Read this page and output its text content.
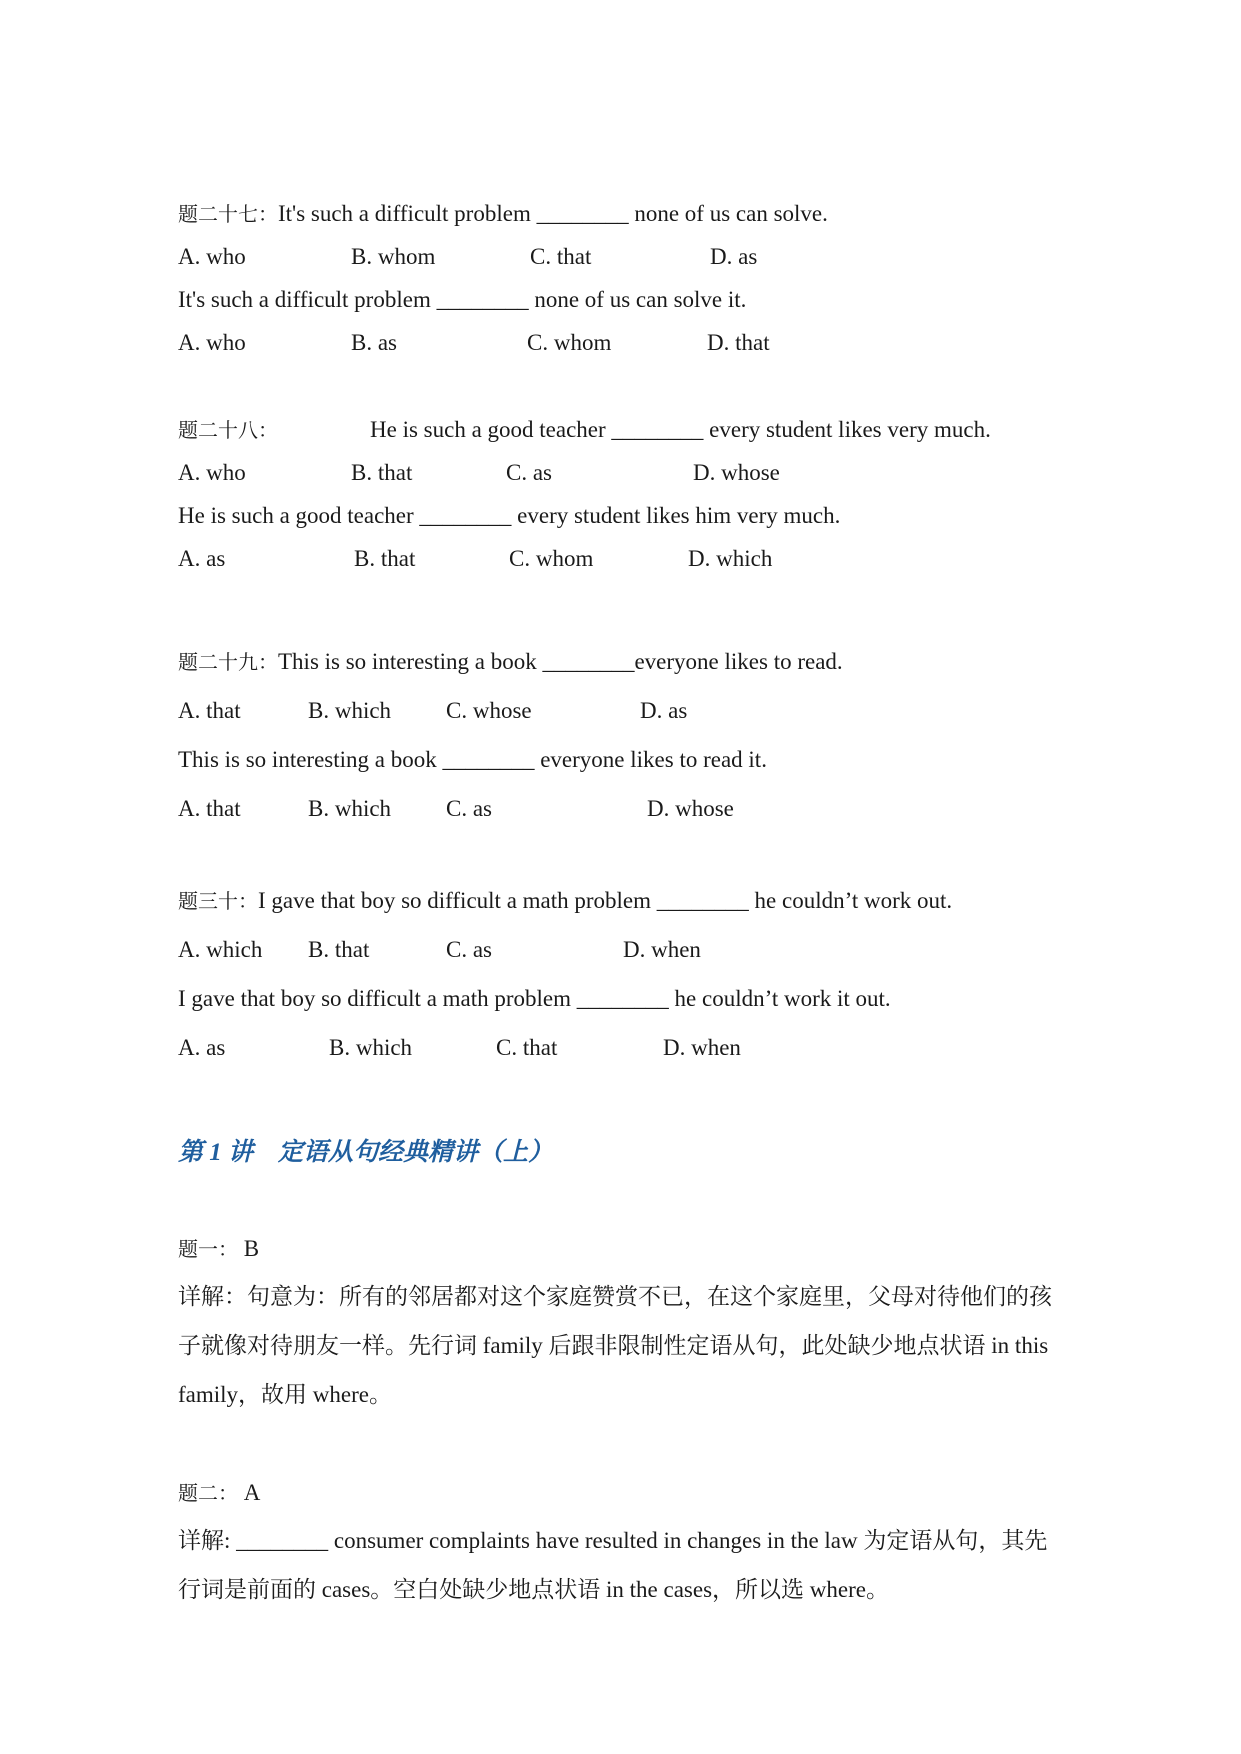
题二十七：It's such a difficult problem ________ none of us can solve.
A. who	B. whom	C. that	D. as
It's such a difficult problem ________ none of us can solve it.
A. who	B. as	C. whom	D. that
题二十八：	He is such a good teacher ________ every student likes very much.
A. who	B. that	C. as	D. whose
He is such a good teacher ________ every student likes him very much.
A. as	B. that	C. whom	D. which
题二十九：This is so interesting a book ________everyone likes to read.
A. that	B. which C. whose	D. as
This is so interesting a book ________ everyone likes to read it.
A. that	B. which C. as	D. whose
题三十：I gave that boy so difficult a math problem ________ he couldn’t work out.
A. which B. that	C. as	D. when
I gave that boy so difficult a math problem ________ he couldn’t work it out.
A. as	B. which	C. that	D. when
第 1 讲　定语从句经典精讲（上）
题一： B

详解：句意为：所有的邻居都对这个家庭赞赏不已，在这个家庭里，父母对待他们的孩子就像对待朋友一样。先行词 family 后跟非限制性定语从句，此处缺少地点状语 in this family，故用 where。

题二： A

详解: ________ consumer complaints have resulted in changes in the law 为定语从句，其先行词是前面的 cases。空白处缺少地点状语 in the cases，所以选 where。
